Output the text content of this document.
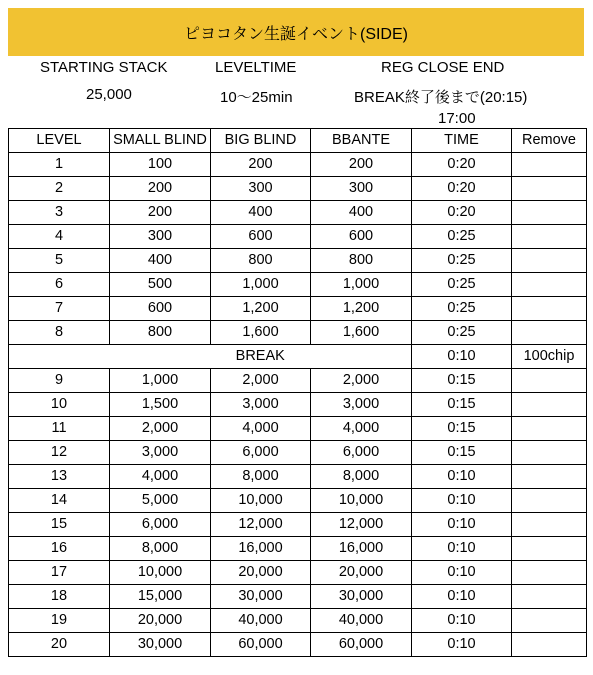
ピヨコタン生誕イベント(SIDE)
STARTING STACK
25,000
LEVELTIME
10〜25min
REG CLOSE END
BREAK終了後まで(20:15)
17:00
LEVEL	SMALL BLIND	BIG BLIND	BBANTE	TIME	Remove
1	100	200	200	0:20	
2	200	300	300	0:20	
3	200	400	400	0:20	
4	300	600	600	0:25	
5	400	800	800	0:25	
6	500	1,000	1,000	0:25	
7	600	1,200	1,200	0:25	
8	800	1,600	1,600	0:25	
	BREAK			0:10	100chip
9	1,000	2,000	2,000	0:15	
10	1,500	3,000	3,000	0:15	
11	2,000	4,000	4,000	0:15	
12	3,000	6,000	6,000	0:15	
13	4,000	8,000	8,000	0:10	
14	5,000	10,000	10,000	0:10	
15	6,000	12,000	12,000	0:10	
16	8,000	16,000	16,000	0:10	
17	10,000	20,000	20,000	0:10	
18	15,000	30,000	30,000	0:10	
19	20,000	40,000	40,000	0:10	
20	30,000	60,000	60,000	0:10	
